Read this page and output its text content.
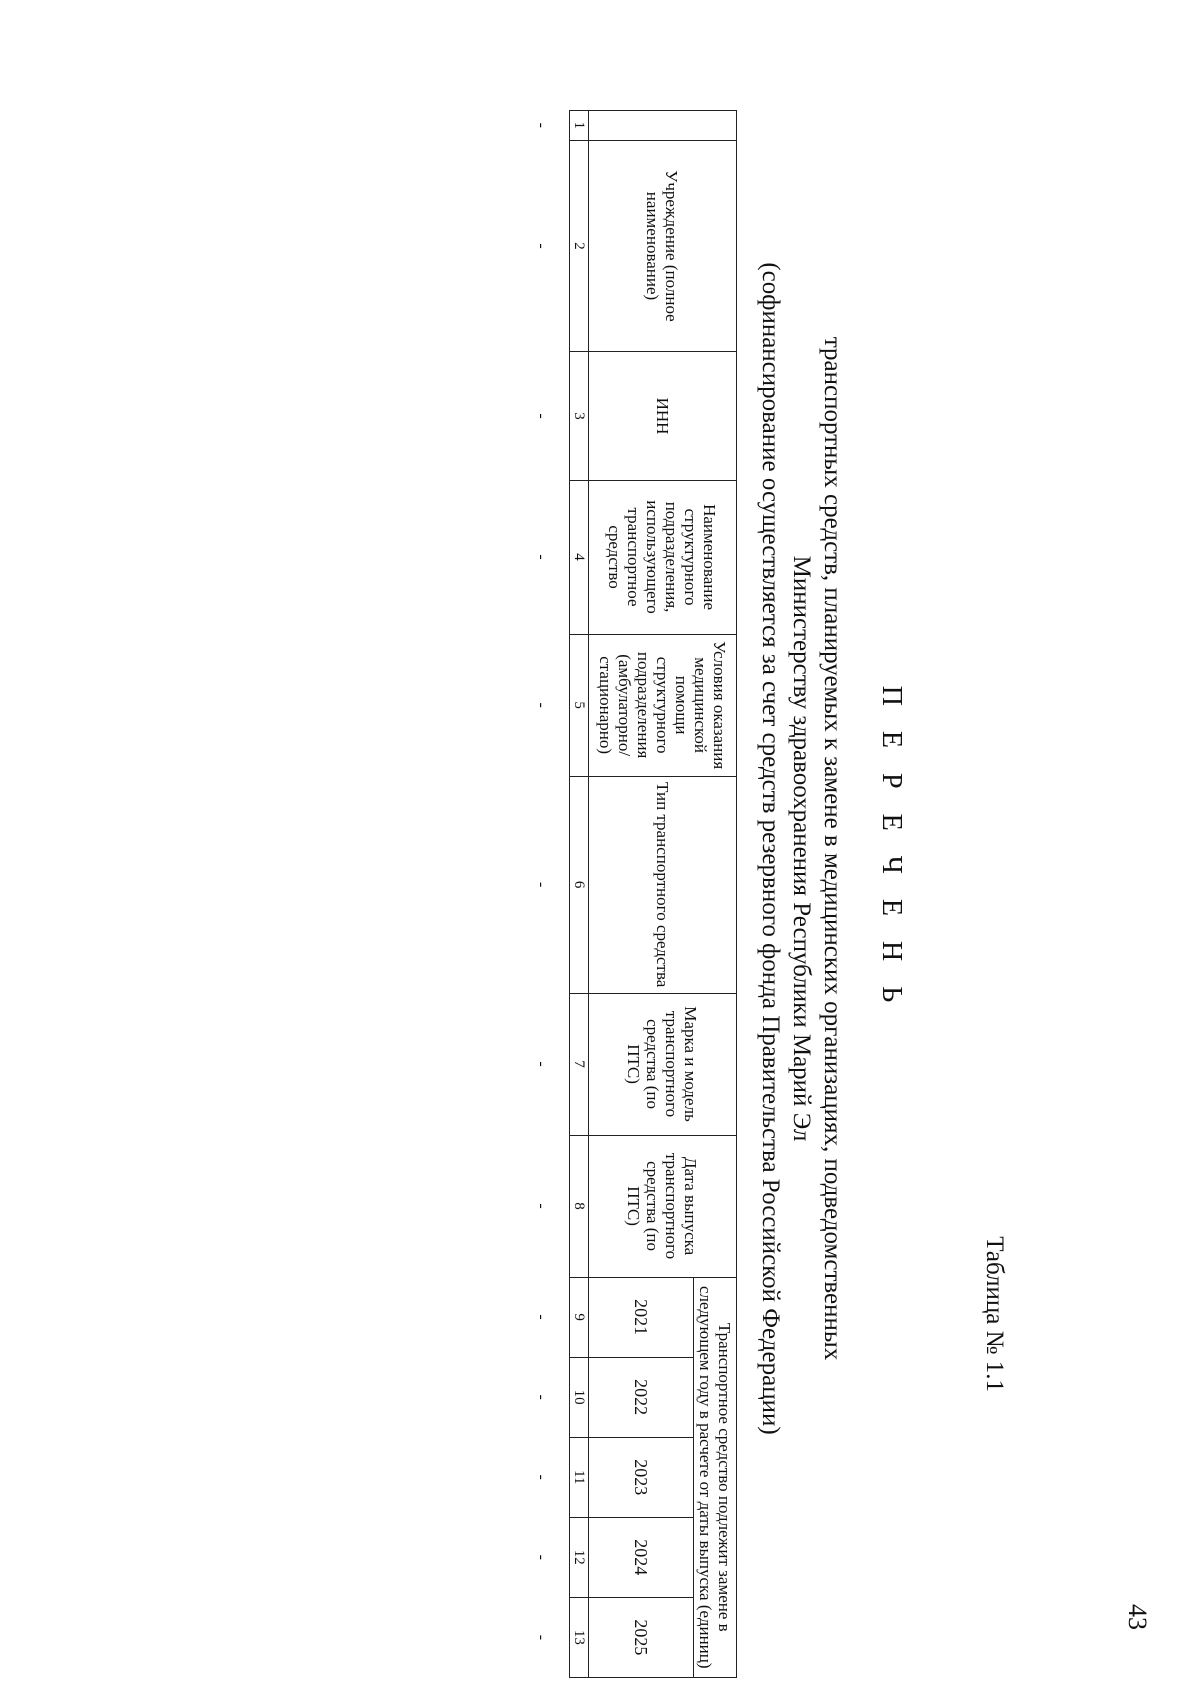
43
Таблица № 1.1
П Е Р Е Ч Е Н Ь
транспортных средств, планируемых к замене в медицинских организациях, подведомственных
Министерству здравоохранения Республики Марий Эл
(софинансирование осуществляется за счет средств резервного фонда Правительства Российской Федерации)
	Учреждение (полное наименование)	ИНН	Наименование структурного подразделения, использующего транспортное средство	Условия оказания медицинской помощи структурного подразделения (амбулаторно/ стационарно)	Тип транспортного средства	Марка и модель транспортного средства (по ПТС)	Дата выпуска транспортного средства (по ПТС)	Транспортное средство подлежит замене в следующем году в расчете от даты выпуска (единиц)				
								2021	2022	2023	2024	2025
1	2	3	4	5	6	7	8	9	10	11	12	13
-	-	-	-	-	-	-	-	-	-	-	-	-
